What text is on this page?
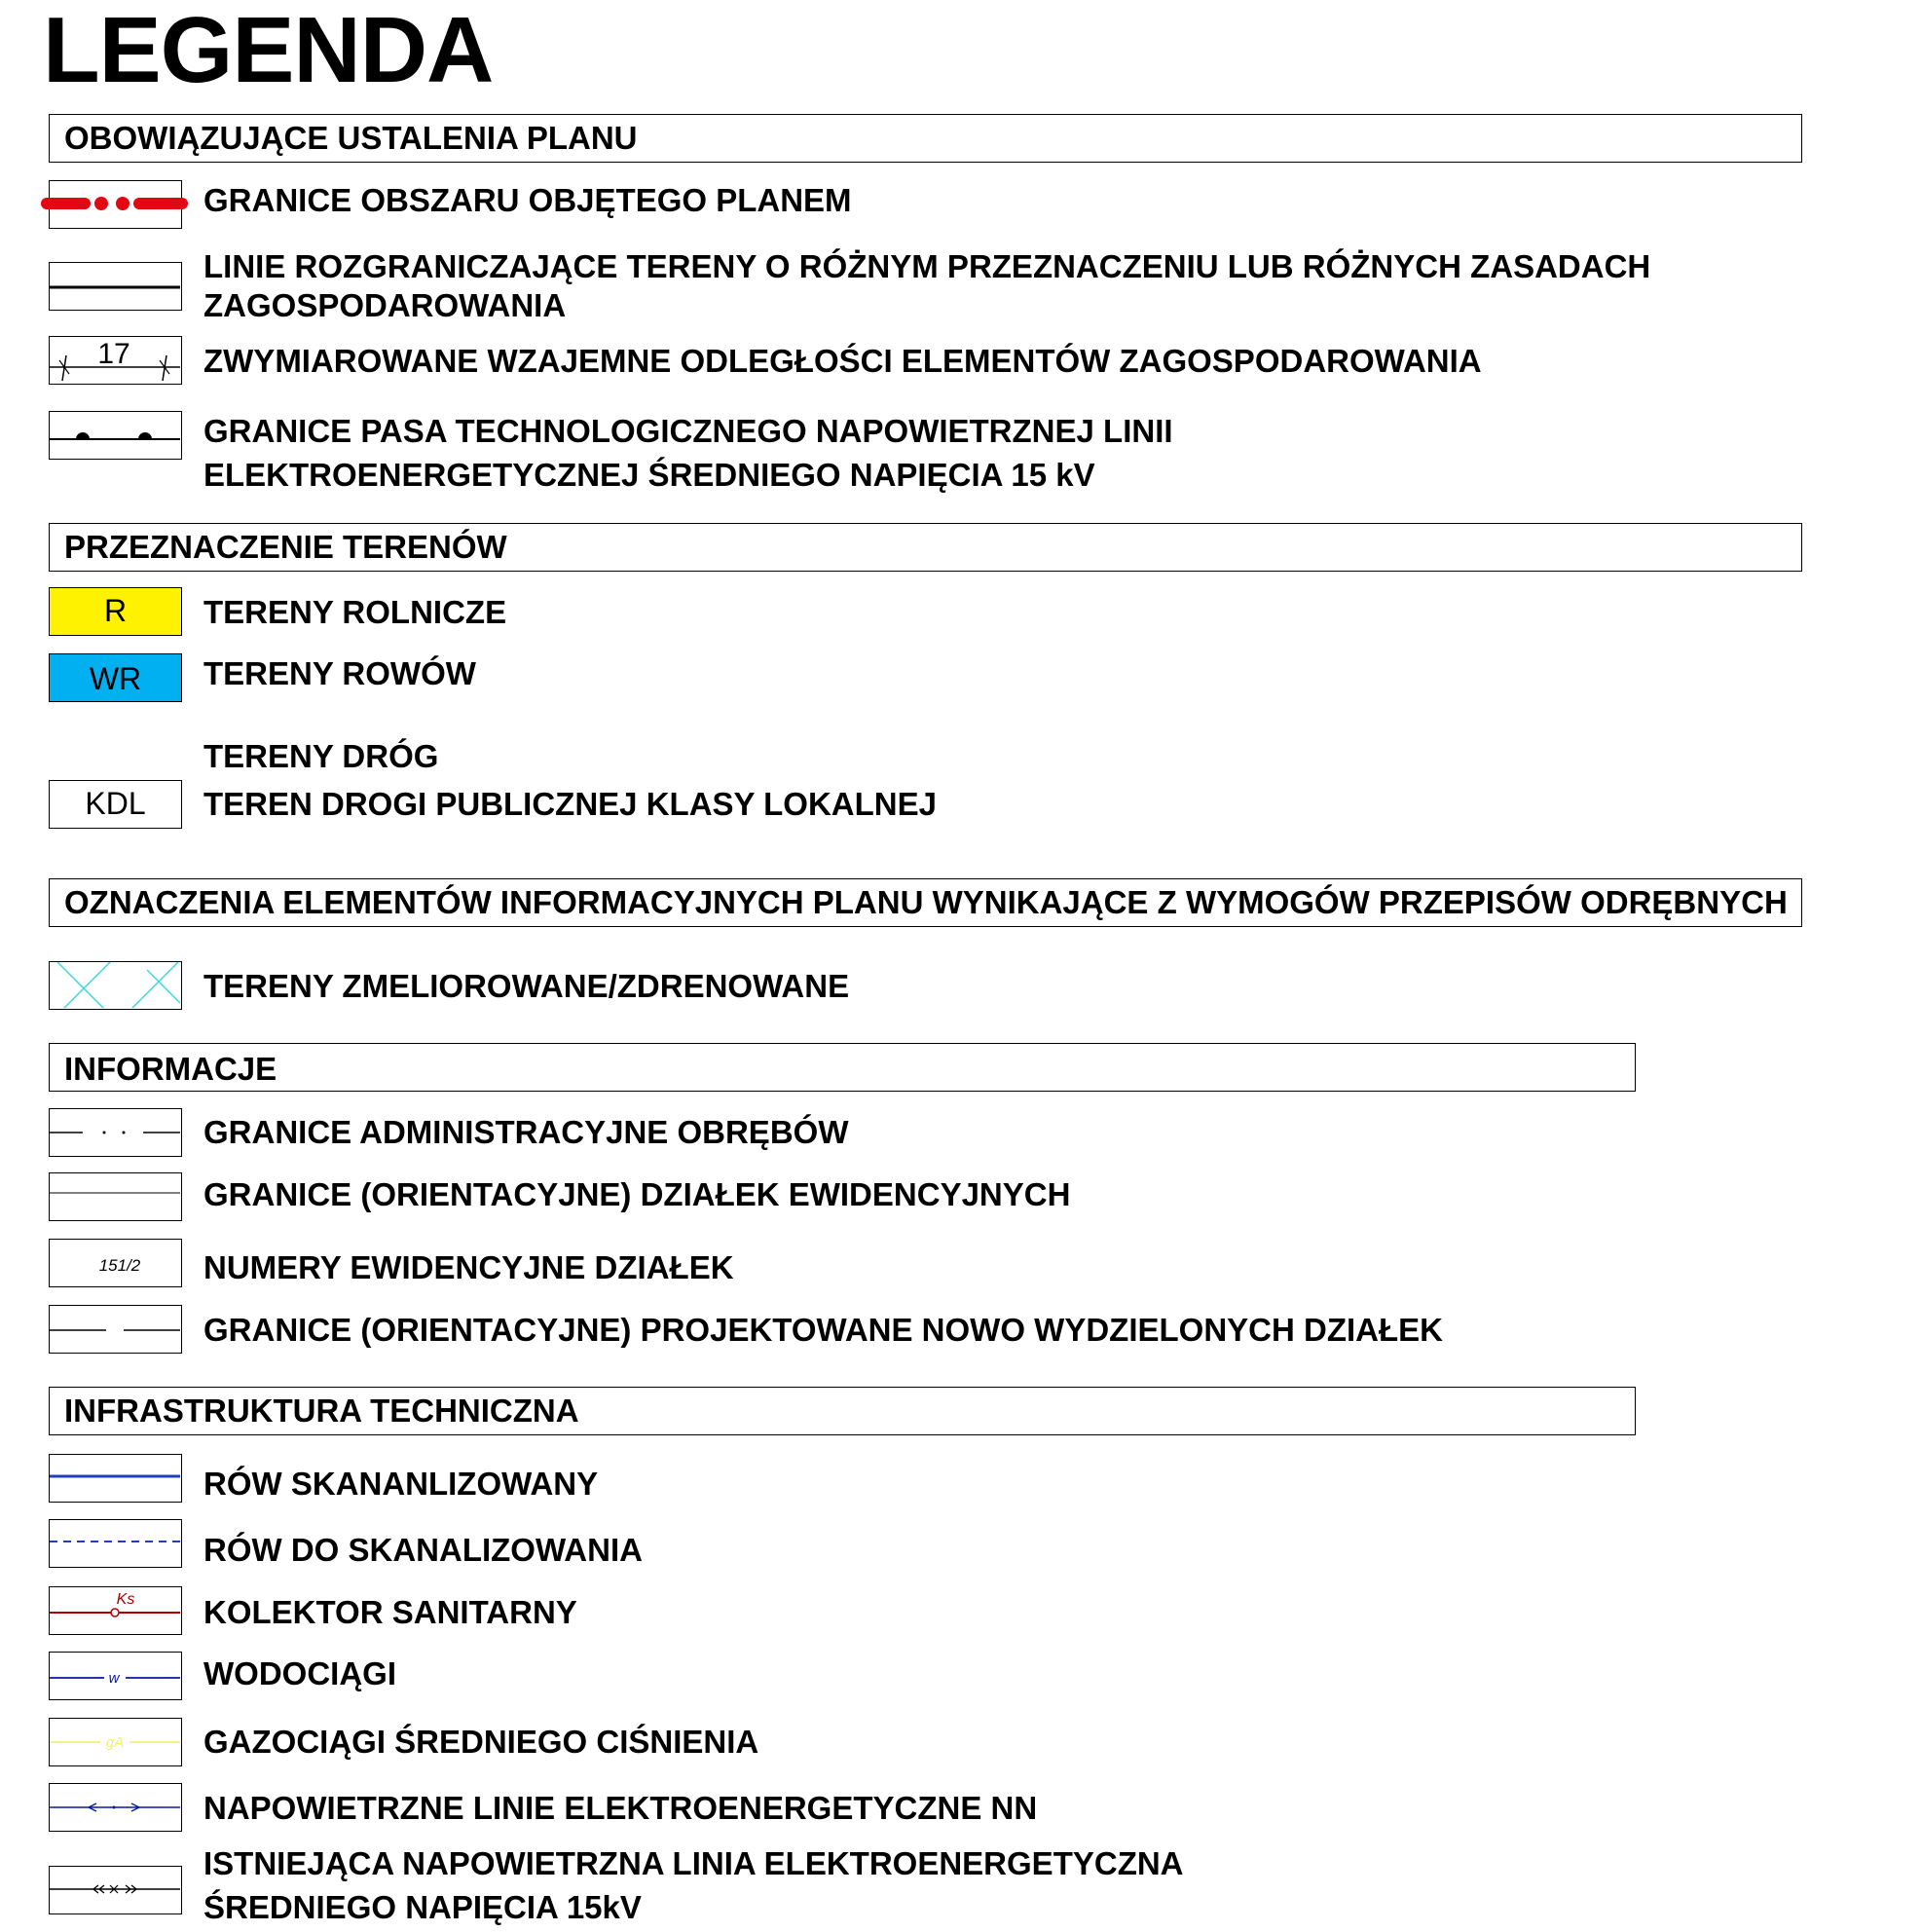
LEGENDA
OBOWIĄZUJĄCE USTALENIA PLANU
GRANICE OBSZARU OBJĘTEGO PLANEM
LINIE ROZGRANICZAJĄCE TERENY O RÓŻNYM PRZEZNACZENIU LUB RÓŻNYCH ZASADACH ZAGOSPODAROWANIA
17 ZWYMIAROWANE WZAJEMNE ODLEGŁOŚCI ELEMENTÓW ZAGOSPODAROWANIA
GRANICE PASA TECHNOLOGICZNEGO NAPOWIETRZNEJ LINII ELEKTROENERGETYCZNEJ ŚREDNIEGO NAPIĘCIA 15 kV
PRZEZNACZENIE TERENÓW
R	TERENY ROLNICZE
WR	TERENY ROWÓW
TERENY DRÓG
KDL	TEREN DROGI PUBLICZNEJ KLASY LOKALNEJ
OZNACZENIA ELEMENTÓW INFORMACYJNYCH PLANU WYNIKAJĄCE Z WYMOGÓW PRZEPISÓW ODRĘBNYCH
TERENY ZMELIOROWANE/ZDRENOWANE
INFORMACJE
GRANICE ADMINISTRACYJNE OBRĘBÓW
GRANICE (ORIENTACYJNE) DZIAŁEK EWIDENCYJNYCH
151/2 NUMERY EWIDENCYJNE DZIAŁEK
GRANICE (ORIENTACYJNE) PROJEKTOWANE NOWO WYDZIELONYCH DZIAŁEK
INFRASTRUKTURA TECHNICZNA
RÓW SKANANLIZOWANY
RÓW DO SKANALIZOWANIA
Ks KOLEKTOR SANITARNY
w	WODOCIĄGI
gA GAZOCIĄGI ŚREDNIEGO CIŚNIENIA
NAPOWIETRZNE LINIE ELEKTROENERGETYCZNE NN
ISTNIEJĄCA NAPOWIETRZNA LINIA ELEKTROENERGETYCZNA ŚREDNIEGO NAPIĘCIA 15kV
